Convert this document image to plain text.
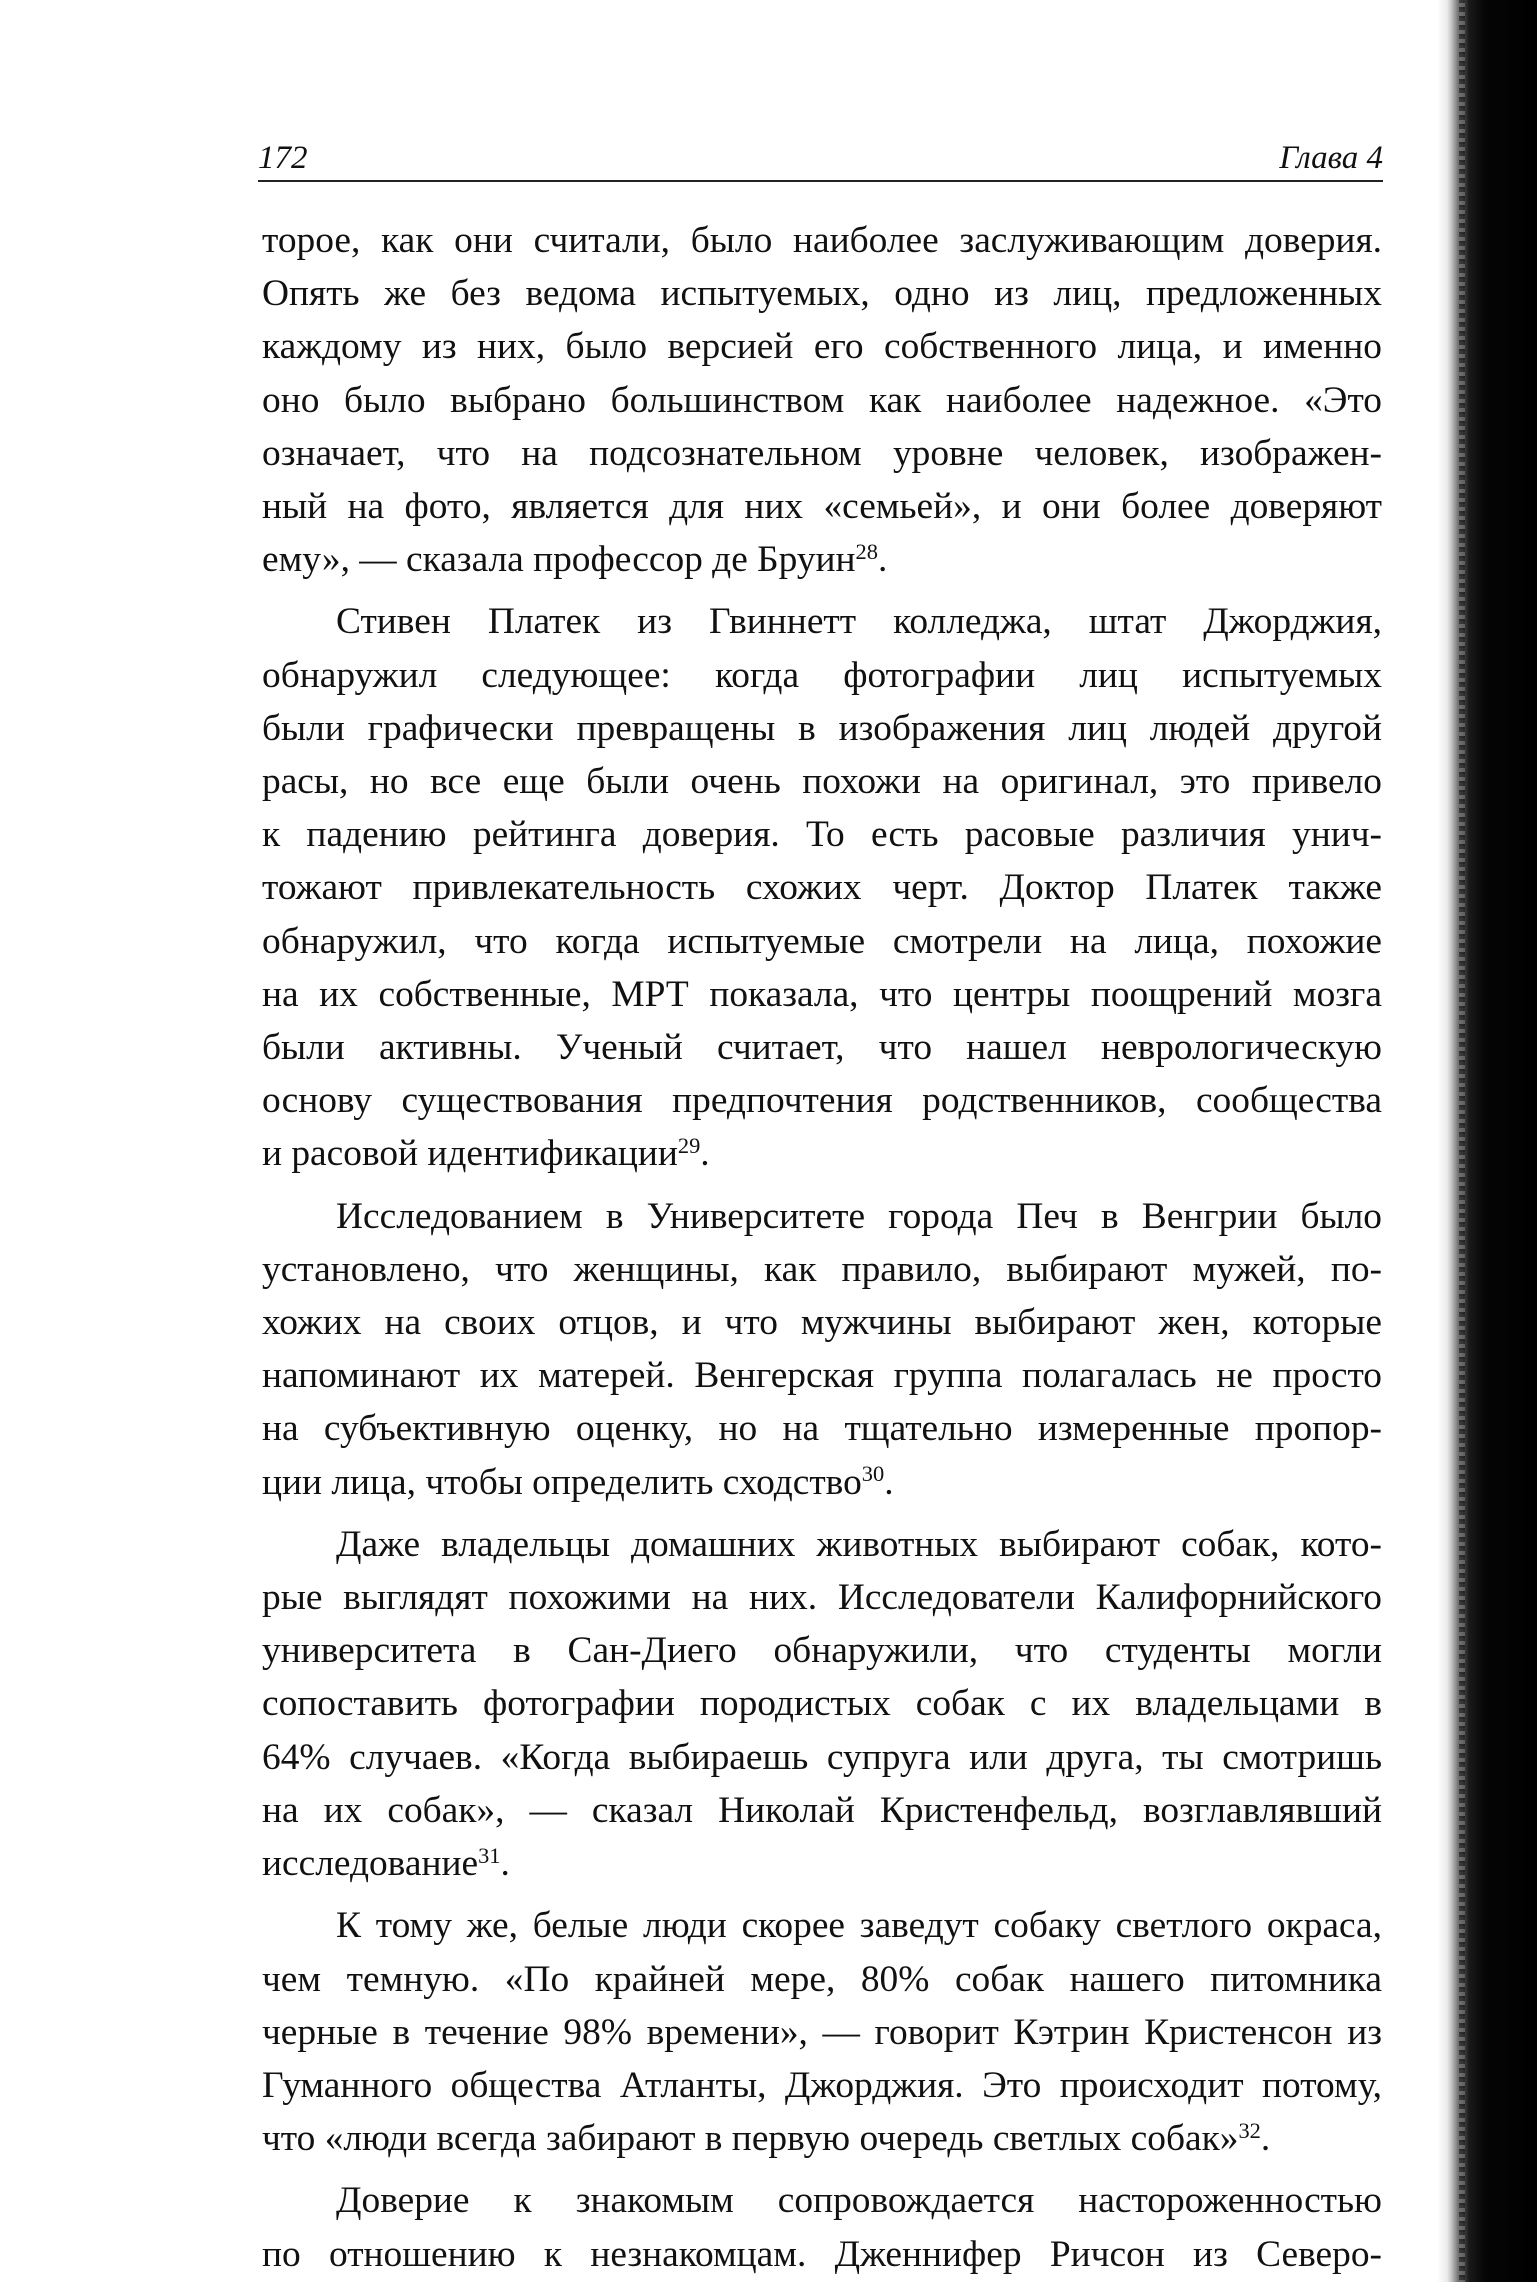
172	Глава 4

торое, как они считали, было наиболее заслуживающим доверия.
Опять же без ведома испытуемых, одно из лиц, предложенных
каждому из них, было версией его собственного лица, и именно
оно было выбрано большинством как наиболее надежное. «Это
означает, что на подсознательном уровне человек, изображен-
ный на фото, является для них «семьей», и они более доверяют
ему», — сказала профессор де Бруин$^{28}$.

Стивен Платек из Гвиннетт колледжа, штат Джорджия,
обнаружил следующее: когда фотографии лиц испытуемых
были графически превращены в изображения лиц людей другой
расы, но все еще были очень похожи на оригинал, это привело
к падению рейтинга доверия. То есть расовые различия унич-
тожают привлекательность схожих черт. Доктор Платек также
обнаружил, что когда испытуемые смотрели на лица, похожие
на их собственные, МРТ показала, что центры поощрений мозга
были активны. Ученый считает, что нашел неврологическую
основу существования предпочтения родственников, сообщества
и расовой идентификации$^{29}$.

Исследованием в Университете города Печ в Венгрии было
установлено, что женщины, как правило, выбирают мужей, по-
хожих на своих отцов, и что мужчины выбирают жен, которые
напоминают их матерей. Венгерская группа полагалась не просто
на субъективную оценку, но на тщательно измеренные пропор-
ции лица, чтобы определить сходство$^{30}$.

Даже владельцы домашних животных выбирают собак, кото-
рые выглядят похожими на них. Исследователи Калифорнийского
университета в Сан-Диего обнаружили, что студенты могли
сопоставить фотографии породистых собак с их владельцами в
64% случаев. «Когда выбираешь супруга или друга, ты смотришь
на их собак», — сказал Николай Кристенфельд, возглавлявший
исследование$^{31}$.

К тому же, белые люди скорее заведут собаку светлого окраса,
чем темную. «По крайней мере, 80% собак нашего питомника
черные в течение 98% времени», — говорит Кэтрин Кристенсон из
Гуманного общества Атланты, Джорджия. Это происходит потому,
что «люди всегда забирают в первую очередь светлых собак»$^{32}$.

Доверие к знакомым сопровождается настороженностью
по отношению к незнакомцам. Дженнифер Ричсон из Северо-
